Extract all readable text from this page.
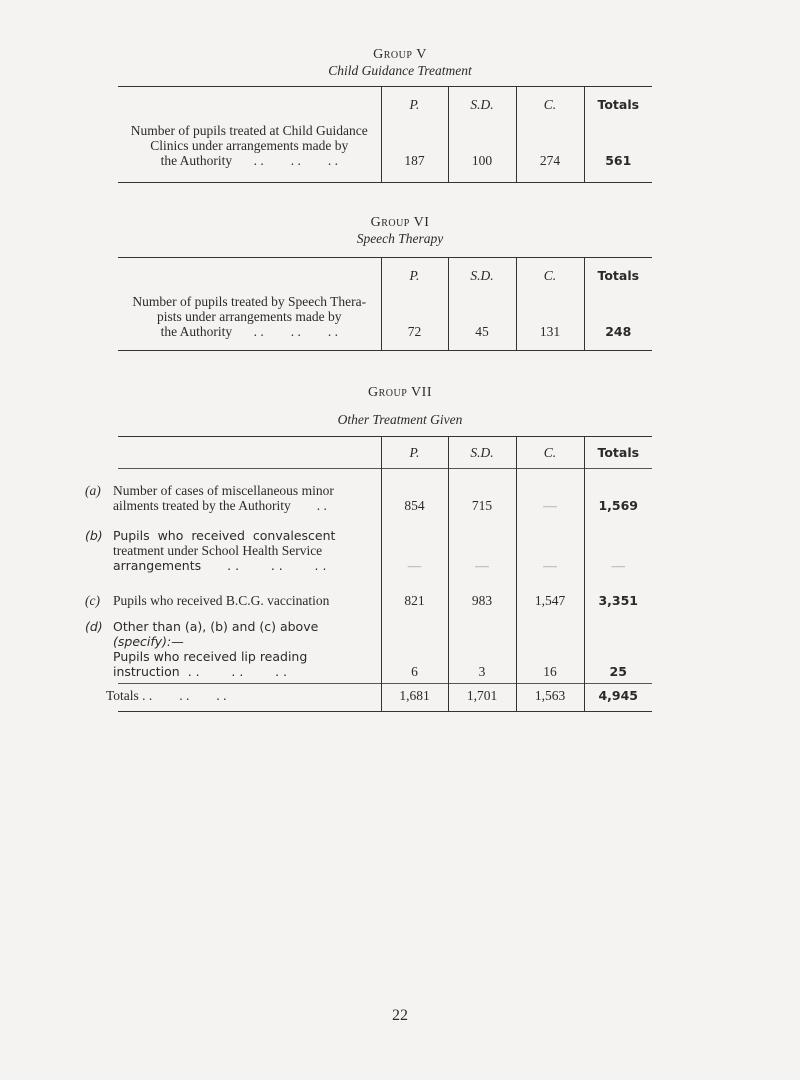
Group V
Child Guidance Treatment
	P.	S.D.	C.	Totals

Number of pupils treated at Child Guidance
Clinics under arrangements made by
the Authority . .        . .        . .	187	100	274	561
Group VI
Speech Therapy
	P.	S.D.	C.	Totals

Number of pupils treated by Speech Thera-
pists under arrangements made by
the Authority . .        . .        . .	72	45	131	248
Group VII
Other Treatment Given
	P.	S.D.	C.	Totals

(a) Number of cases of miscellaneous minor
ailments treated by the Authority . .	854	715	—	1,569

(b) Pupils  who  received  convalescent
treatment under School Health Service
arrangements . .        . .        . .	—	—	—	—

(c) Pupils who received B.C.G. vaccination	821	983	1,547	3,351

(d) Other than (a), (b) and (c) above
(specify):—
Pupils who received lip reading
instruction . .        . .        . .	6	3	16	25
Totals . .        . .        . .	1,681	1,701	1,563	4,945
22
